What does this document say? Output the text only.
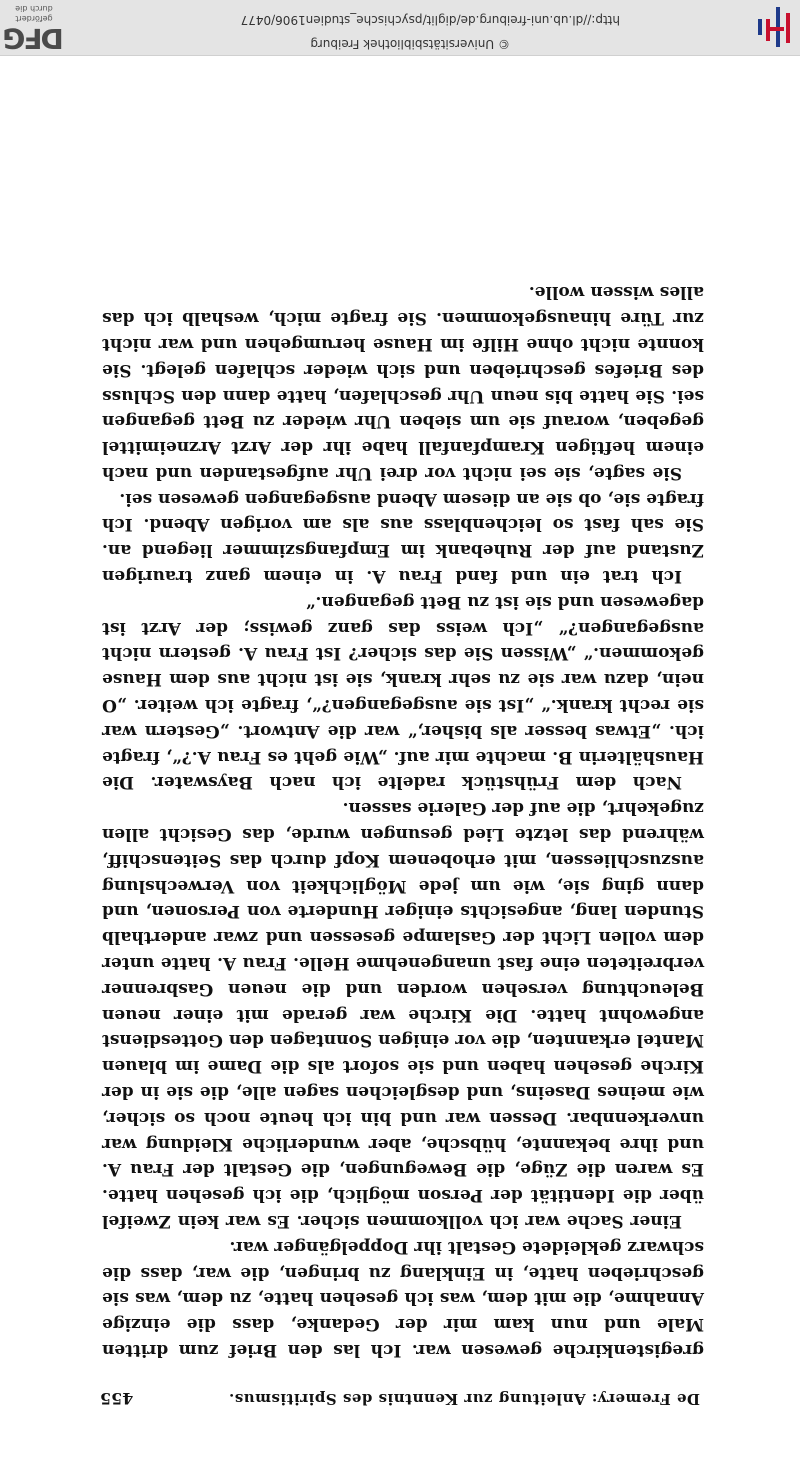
De Fremery: Anleitung zur Kenntnis des Spiritismus.
455

gregistenkirche gewesen war. Ich las den Brief zum dritten Male und nun kam mir der Gedanke, dass die einzige Annahme, die mit dem, was ich gesehen hatte, zu dem, was sie geschrieben hatte, in Einklang zu bringen, die war, dass die schwarz gekleidete Gestalt ihr Doppelgänger war.

Einer Sache war ich vollkommen sicher. Es war kein Zweifel über die Identität der Person möglich, die ich gesehen hatte. Es waren die Züge, die Bewegungen, die Gestalt der Frau A. und ihre bekannte, hübsche, aber wunderliche Kleidung war unverkennbar. Dessen war und bin ich heute noch so sicher, wie meines Daseins, und desgleichen sagen alle, die sie in der Kirche gesehen haben und sie sofort als die Dame im blauen Mantel erkannten, die vor einigen Sonntagen den Gottesdienst angewohnt hatte. Die Kirche war gerade mit einer neuen Beleuchtung versehen worden und die neuen Gasbrenner verbreiteten eine fast unangenehme Helle. Frau A. hatte unter dem vollen Licht der Gaslampe gesessen und zwar anderthalb Stunden lang, angesichts einiger Hunderte von Personen, und dann ging sie, wie um jede Möglichkeit von Verwechslung auszuschliessen, mit erhobenem Kopf durch das Seitenschiff, während das letzte Lied gesungen wurde, das Gesicht allen zugekehrt, die auf der Galerie sassen.

Nach dem Frühstück radelte ich nach Bayswater. Die Haushälterin B. machte mir auf. „Wie geht es Frau A.?“, fragte ich. „Etwas besser als bisher,“ war die Antwort. „Gestern war sie recht krank.“ „Ist sie ausgegangen?“, fragte ich weiter. „O nein, dazu war sie zu sehr krank, sie ist nicht aus dem Hause gekommen.“ „Wissen Sie das sicher? Ist Frau A. gestern nicht ausgegangen?“ „Ich weiss das ganz gewiss; der Arzt ist dagewesen und sie ist zu Bett gegangen.“

Ich trat ein und fand Frau A. in einem ganz traurigen Zustand auf der Ruhebank im Empfangszimmer liegend an. Sie sah fast so leichenblass aus als am vorigen Abend. Ich fragte sie, ob sie an diesem Abend ausgegangen gewesen sei.

Sie sagte, sie sei nicht vor drei Uhr aufgestanden und nach einem heftigen Krampfanfall habe ihr der Arzt Arzneimittel gegeben, worauf sie um sieben Uhr wieder zu Bett gegangen sei. Sie hatte bis neun Uhr geschlafen, hatte dann den Schluss des Briefes geschrieben und sich wieder schlafen gelegt. Sie konnte nicht ohne Hilfe im Hause herumgehen und war nicht zur Türe hinausgekommen. Sie fragte mich, weshalb ich das alles wissen wolle.

© Universitätsbibliothek Freiburg
http://dl.ub.uni-freiburg.de/diglit/psychische_studien1906/0477
DFG
gefördert durch die
